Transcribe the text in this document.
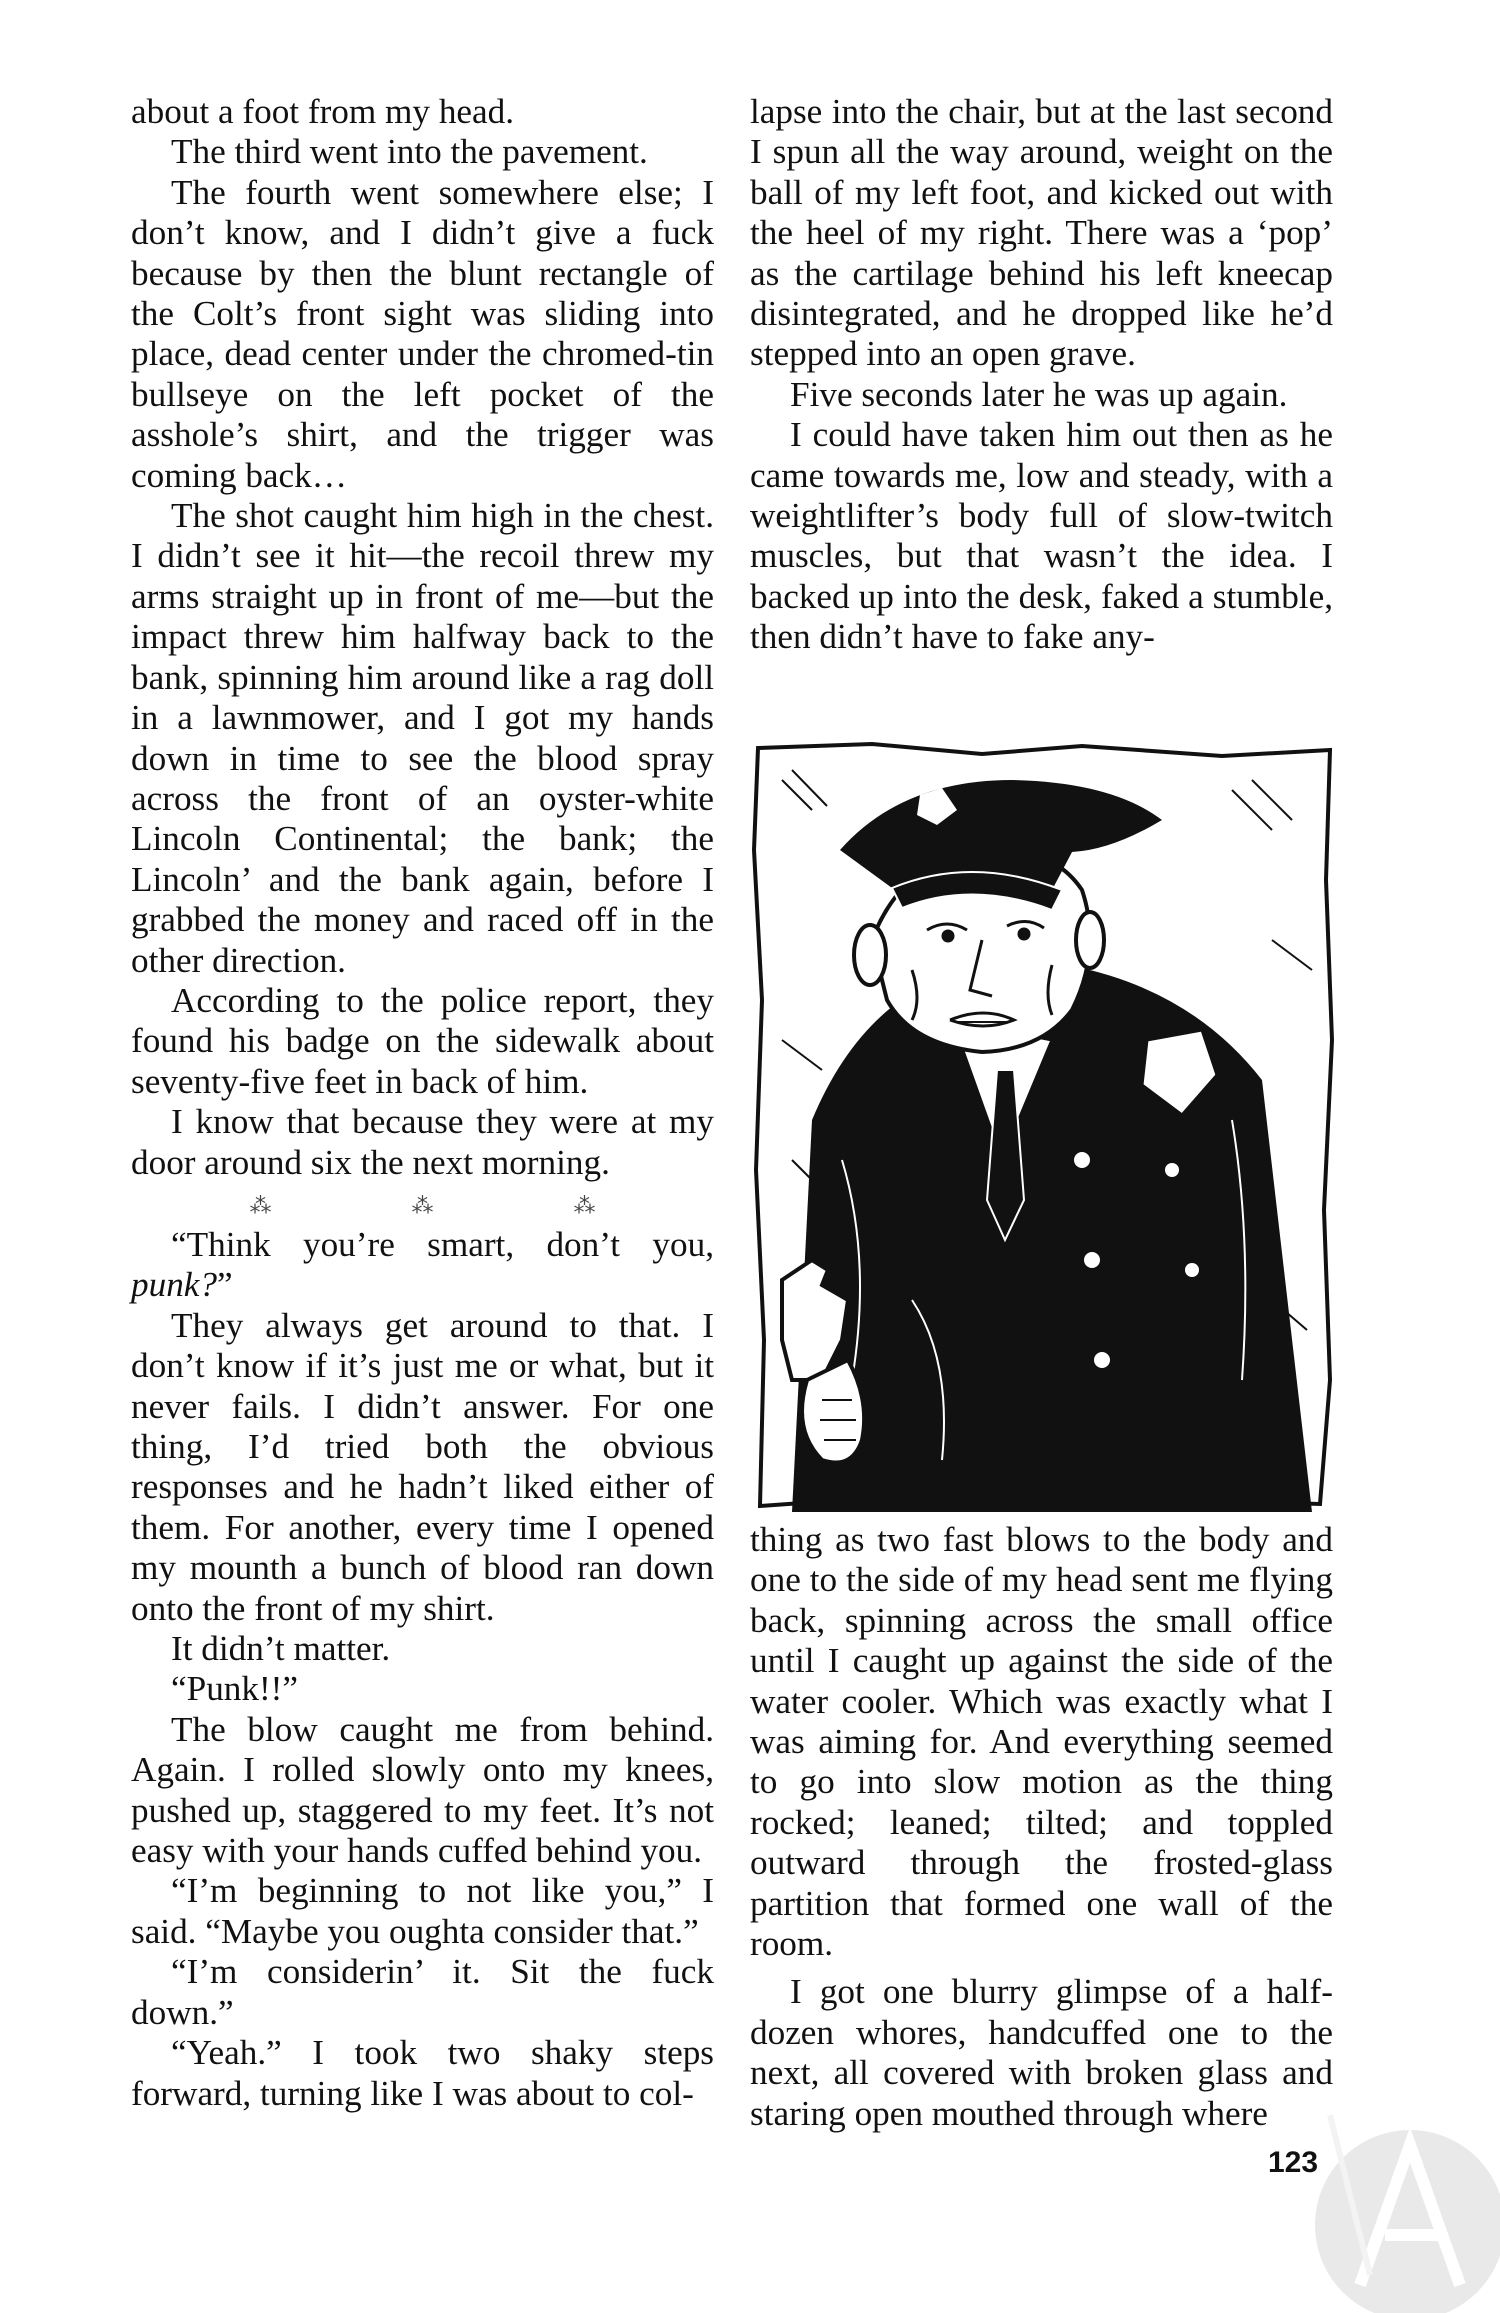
about a foot from my head.

The third went into the pavement.

The fourth went somewhere else; I don’t know, and I didn’t give a fuck because by then the blunt rectangle of the Colt’s front sight was sliding into place, dead center under the chromed-tin bullseye on the left pocket of the asshole’s shirt, and the trigger was coming back…

The shot caught him high in the chest. I didn’t see it hit—the recoil threw my arms straight up in front of me—but the impact threw him halfway back to the bank, spinning him around like a rag doll in a lawnmower, and I got my hands down in time to see the blood spray across the front of an oyster-white Lincoln Continental; the bank; the Lincoln’ and the bank again, before I grabbed the money and raced off in the other direction.

According to the police report, they found his badge on the sidewalk about seventy-five feet in back of him.

I know that because they were at my door around six the next morning.

⁂	⁂	⁂

“Think you’re smart, don’t you, punk?”

They always get around to that. I don’t know if it’s just me or what, but it never fails. I didn’t answer. For one thing, I’d tried both the obvious responses and he hadn’t liked either of them. For another, every time I opened my mounth a bunch of blood ran down onto the front of my shirt.

It didn’t matter.

“Punk!!”

The blow caught me from behind. Again. I rolled slowly onto my knees, pushed up, staggered to my feet. It’s not easy with your hands cuffed behind you.

“I’m beginning to not like you,” I said. “Maybe you oughta consider that.”

“I’m considerin’ it. Sit the fuck down.”

“Yeah.” I took two shaky steps forward, turning like I was about to col-

lapse into the chair, but at the last second I spun all the way around, weight on the ball of my left foot, and kicked out with the heel of my right. There was a ‘pop’ as the cartilage behind his left kneecap disintegrated, and he dropped like he’d stepped into an open grave.

Five seconds later he was up again.

I could have taken him out then as he came towards me, low and steady, with a weightlifter’s body full of slow-twitch muscles, but that wasn’t the idea. I backed up into the desk, faked a stumble, then didn’t have to fake any-

thing as two fast blows to the body and one to the side of my head sent me flying back, spinning across the small office until I caught up against the side of the water cooler. Which was exactly what I was aiming for. And everything seemed to go into slow motion as the thing rocked; leaned; tilted; and toppled outward through the frosted-glass partition that formed one wall of the room.

I got one blurry glimpse of a half-dozen whores, handcuffed one to the next, all covered with broken glass and staring open mouthed through where

123
